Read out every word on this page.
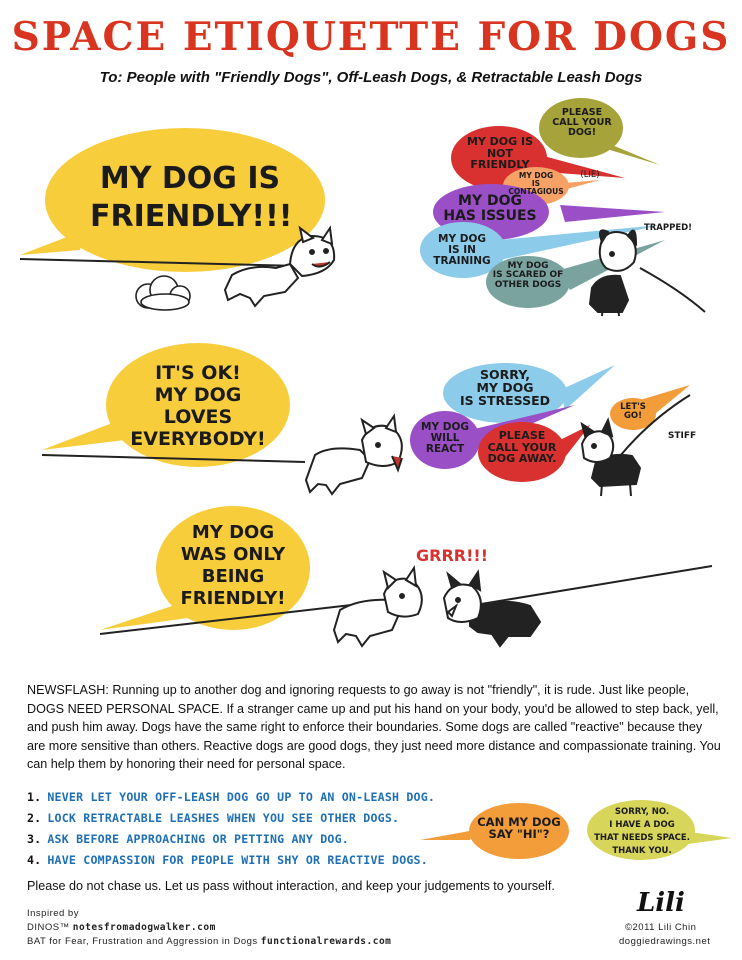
SPACE ETIQUETTE FOR DOGS
To: People with "Friendly Dogs", Off-Leash Dogs, & Retractable Leash Dogs
MY DOG IS
FRIENDLY!!!
PLEASE
CALL YOUR
DOG!
MY DOG IS
NOT
FRIENDLY
MY DOG
IS
CONTAGIOUS
(LIE)
MY DOG
HAS ISSUES
MY DOG
IS IN
TRAINING	MY DOG
IS SCARED OF
OTHER DOGS
TRAPPED!
IT'S OK!
MY DOG
LOVES
EVERYBODY!
SORRY,
MY DOG
IS STRESSED
MY DOG
WILL
REACT
PLEASE
CALL YOUR
DOG AWAY.
LET'S
GO!
STIFF
MY DOG
WAS ONLY
BEING
FRIENDLY!
GRRR!!!
NEWSFLASH: Running up to another dog and ignoring requests to go away is not "friendly", it is rude. Just like people, DOGS NEED PERSONAL SPACE. If a stranger came up and put his hand on your body, you'd be allowed to step back, yell, and push him away. Dogs have the same right to enforce their boundaries. Some dogs are called "reactive" because they are more sensitive than others. Reactive dogs are good dogs, they just need more distance and compassionate training. You can help them by honoring their need for personal space.
1. NEVER LET YOUR OFF-LEASH DOG GO UP TO AN ON-LEASH DOG.
2. LOCK RETRACTABLE LEASHES WHEN YOU SEE OTHER DOGS.
3. ASK BEFORE APPROACHING OR PETTING ANY DOG.
4. HAVE COMPASSION FOR PEOPLE WITH SHY OR REACTIVE DOGS.
CAN MY DOG
SAY "HI"?
SORRY, NO.
I HAVE A DOG
THAT NEEDS SPACE.
THANK YOU.
Please do not chase us. Let us pass without interaction, and keep your judgements to yourself.
Inspired by
DINOS™ notesfromadogwalker.com
BAT for Fear, Frustration and Aggression in Dogs functionalrewards.com
Lili
©2011 Lili Chin
doggiedrawings.net
